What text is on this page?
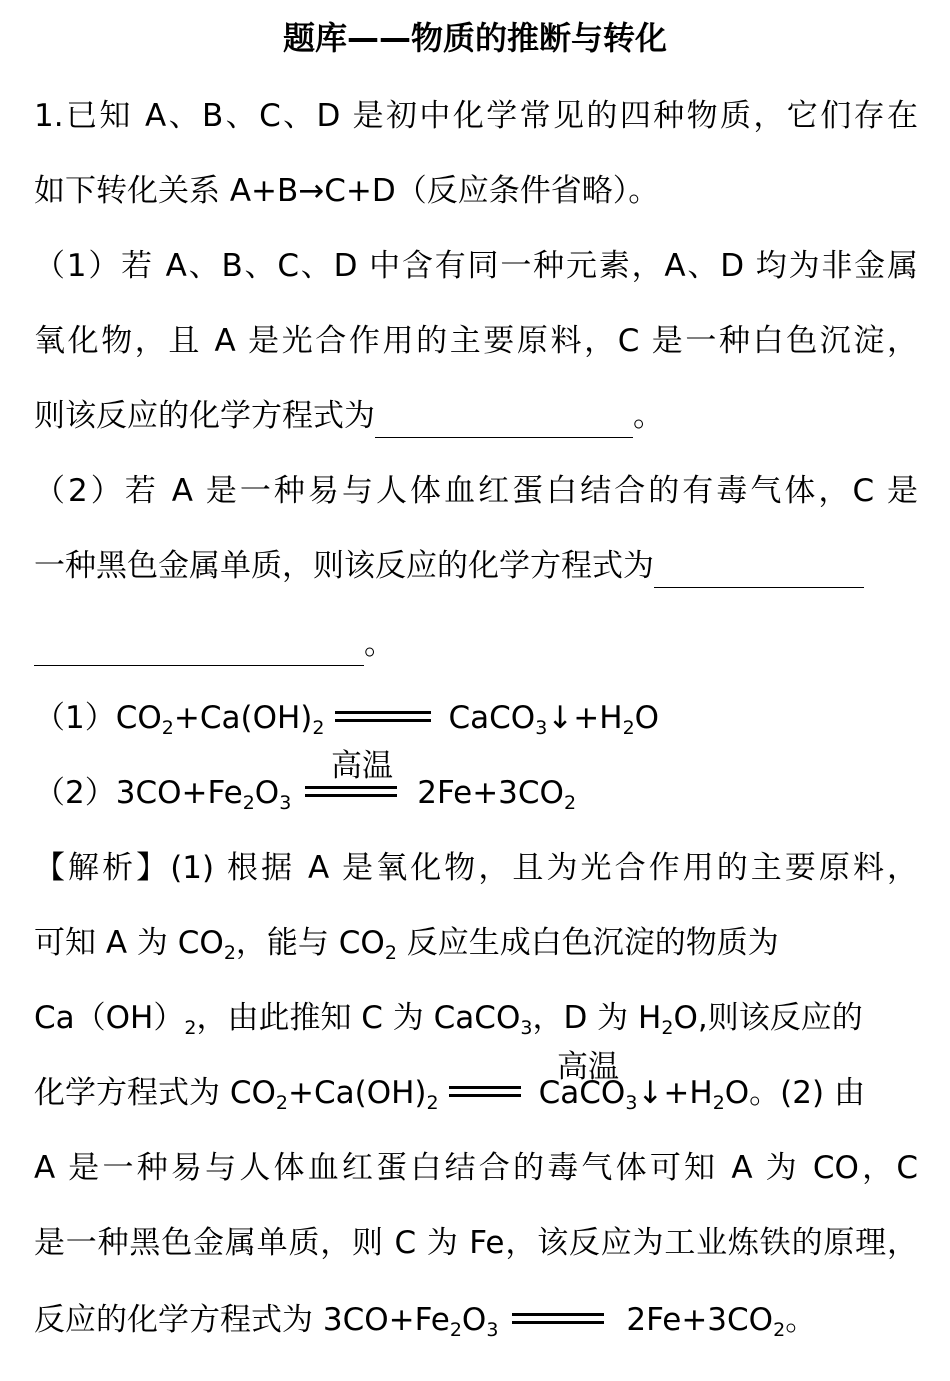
题库——物质的推断与转化
1.已知 A、B、C、D 是初中化学常见的四种物质，它们存在
如下转化关系 A+B→C+D（反应条件省略）。
（1）若 A、B、C、D 中含有同一种元素，A、D 均为非金属
氧化物，且 A 是光合作用的主要原料，C 是一种白色沉淀，
则该反应的化学方程式为	。
（2）若 A 是一种易与人体血红蛋白结合的有毒气体，C 是
一种黑色金属单质，则该反应的化学方程式为
。
$(1)CO_2+Ca(OH)_2$	$CaCO_3↓+H_2O$
高温
$(2)3CO+Fe_2O_3$	$2Fe+3CO_2$
【解析】(1) 根据 A 是氧化物，且为光合作用的主要原料，
可知 A 为 $CO_2$，能与 $CO_2$ 反应生成白色沉淀的物质为
$Ca(OH)_2$，由此推知 C 为 CaCO$_3$，D 为 $H_2O$,则该反应的
高温
化学方程式为 $CO_2+Ca(OH)_2$	$CaCO_3↓+H_2O$。(2) 由
A 是一种易与人体血红蛋白结合的毒气体可知 A 为 CO，C
是一种黑色金属单质，则 C 为 Fe，该反应为工业炼铁的原理，
反应的化学方程式为 $3CO+Fe_2O_3$	$2Fe+3CO_2$。
